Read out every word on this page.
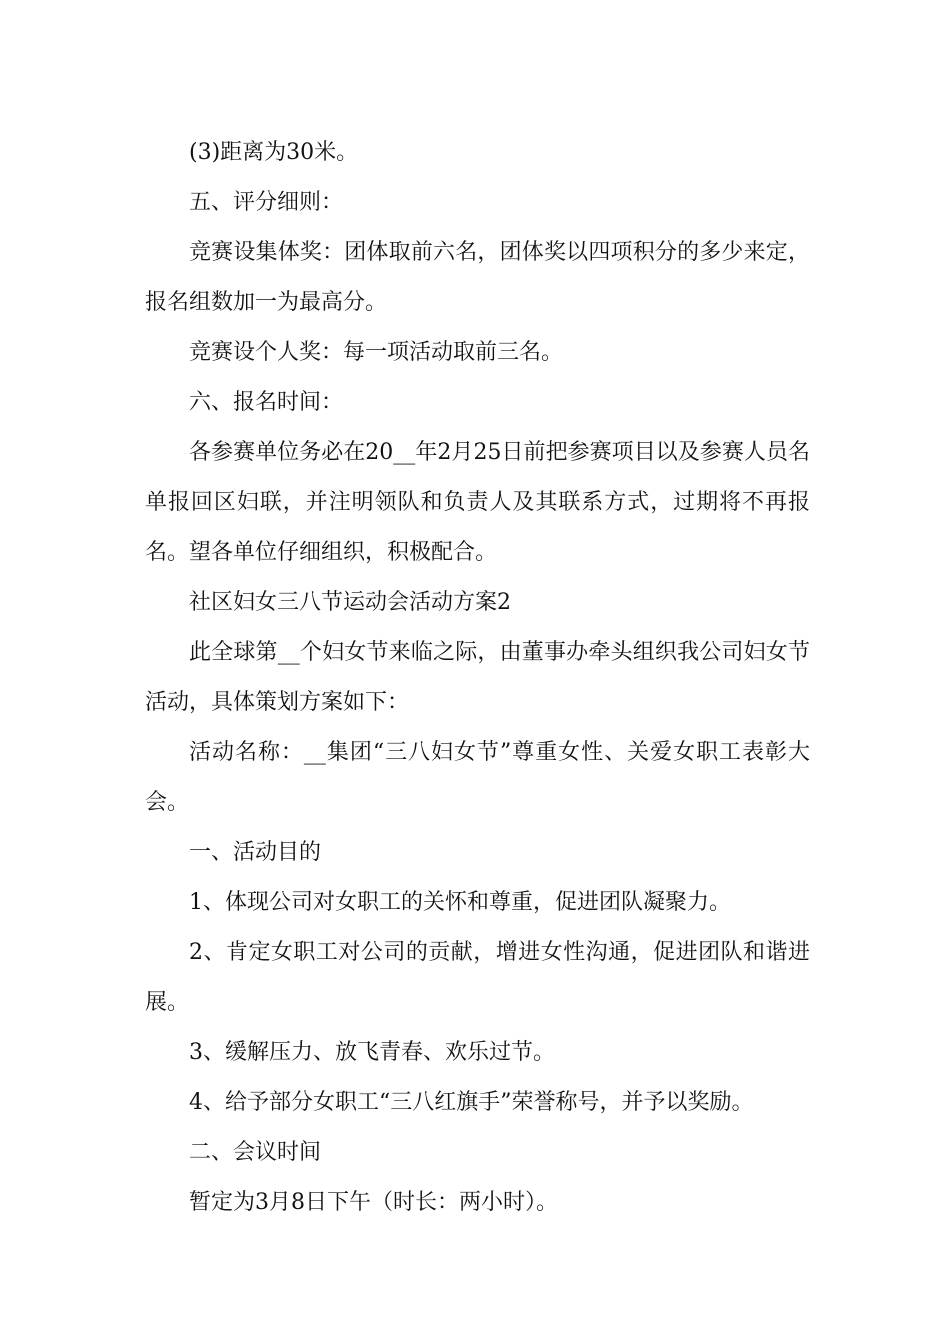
(3)距离为30米。

五、评分细则：

竞赛设集体奖：团体取前六名，团体奖以四项积分的多少来定，报名组数加一为最高分。

竞赛设个人奖：每一项活动取前三名。

六、报名时间：

各参赛单位务必在20__年2月25日前把参赛项目以及参赛人员名单报回区妇联，并注明领队和负责人及其联系方式，过期将不再报名。望各单位仔细组织，积极配合。

社区妇女三八节运动会活动方案2

此全球第__个妇女节来临之际，由董事办牵头组织我公司妇女节活动，具体策划方案如下：

活动名称：__集团“三八妇女节”尊重女性、关爱女职工表彰大会。

一、活动目的

1、体现公司对女职工的关怀和尊重，促进团队凝聚力。

2、肯定女职工对公司的贡献，增进女性沟通，促进团队和谐进展。

3、缓解压力、放飞青春、欢乐过节。

4、给予部分女职工“三八红旗手”荣誉称号，并予以奖励。

二、会议时间

暂定为3月8日下午（时长：两小时）。
